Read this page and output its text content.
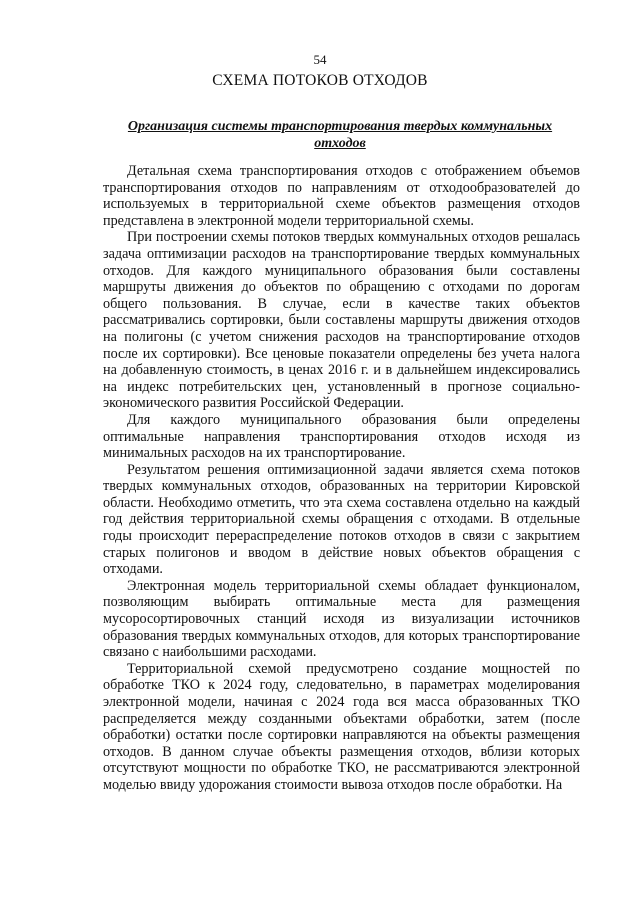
54
СХЕМА ПОТОКОВ ОТХОДОВ
Организация системы транспортирования твердых коммунальных отходов

Детальная схема транспортирования отходов с отображением объемов транспортирования отходов по направлениям от отходообразователей до используемых в территориальной схеме объектов размещения отходов представлена в электронной модели территориальной схемы.

При построении схемы потоков твердых коммунальных отходов решалась задача оптимизации расходов на транспортирование твердых коммунальных отходов. Для каждого муниципального образования были составлены маршруты движения до объектов по обращению с отходами по дорогам общего пользования. В случае, если в качестве таких объектов рассматривались сортировки, были составлены маршруты движения отходов на полигоны (с учетом снижения расходов на транспортирование отходов после их сортировки). Все ценовые показатели определены без учета налога на добавленную стоимость, в ценах 2016 г. и в дальнейшем индексировались на индекс потребительских цен, установленный в прогнозе социально-экономического развития Российской Федерации.

Для каждого муниципального образования были определены оптимальные направления транспортирования отходов исходя из минимальных расходов на их транспортирование.

Результатом решения оптимизационной задачи является схема потоков твердых коммунальных отходов, образованных на территории Кировской области. Необходимо отметить, что эта схема составлена отдельно на каждый год действия территориальной схемы обращения с отходами. В отдельные годы происходит перераспределение потоков отходов в связи с закрытием старых полигонов и вводом в действие новых объектов обращения с отходами.

Электронная модель территориальной схемы обладает функционалом, позволяющим выбирать оптимальные места для размещения мусоросортировочных станций исходя из визуализации источников образования твердых коммунальных отходов, для которых транспортирование связано с наибольшими расходами.

Территориальной схемой предусмотрено создание мощностей по обработке ТКО к 2024 году, следовательно, в параметрах моделирования электронной модели, начиная с 2024 года вся масса образованных ТКО распределяется между созданными объектами обработки, затем (после обработки) остатки после сортировки направляются на объекты размещения отходов. В данном случае объекты размещения отходов, вблизи которых отсутствуют мощности по обработке ТКО, не рассматриваются электронной моделью ввиду удорожания стоимости вывоза отходов после обработки. На
